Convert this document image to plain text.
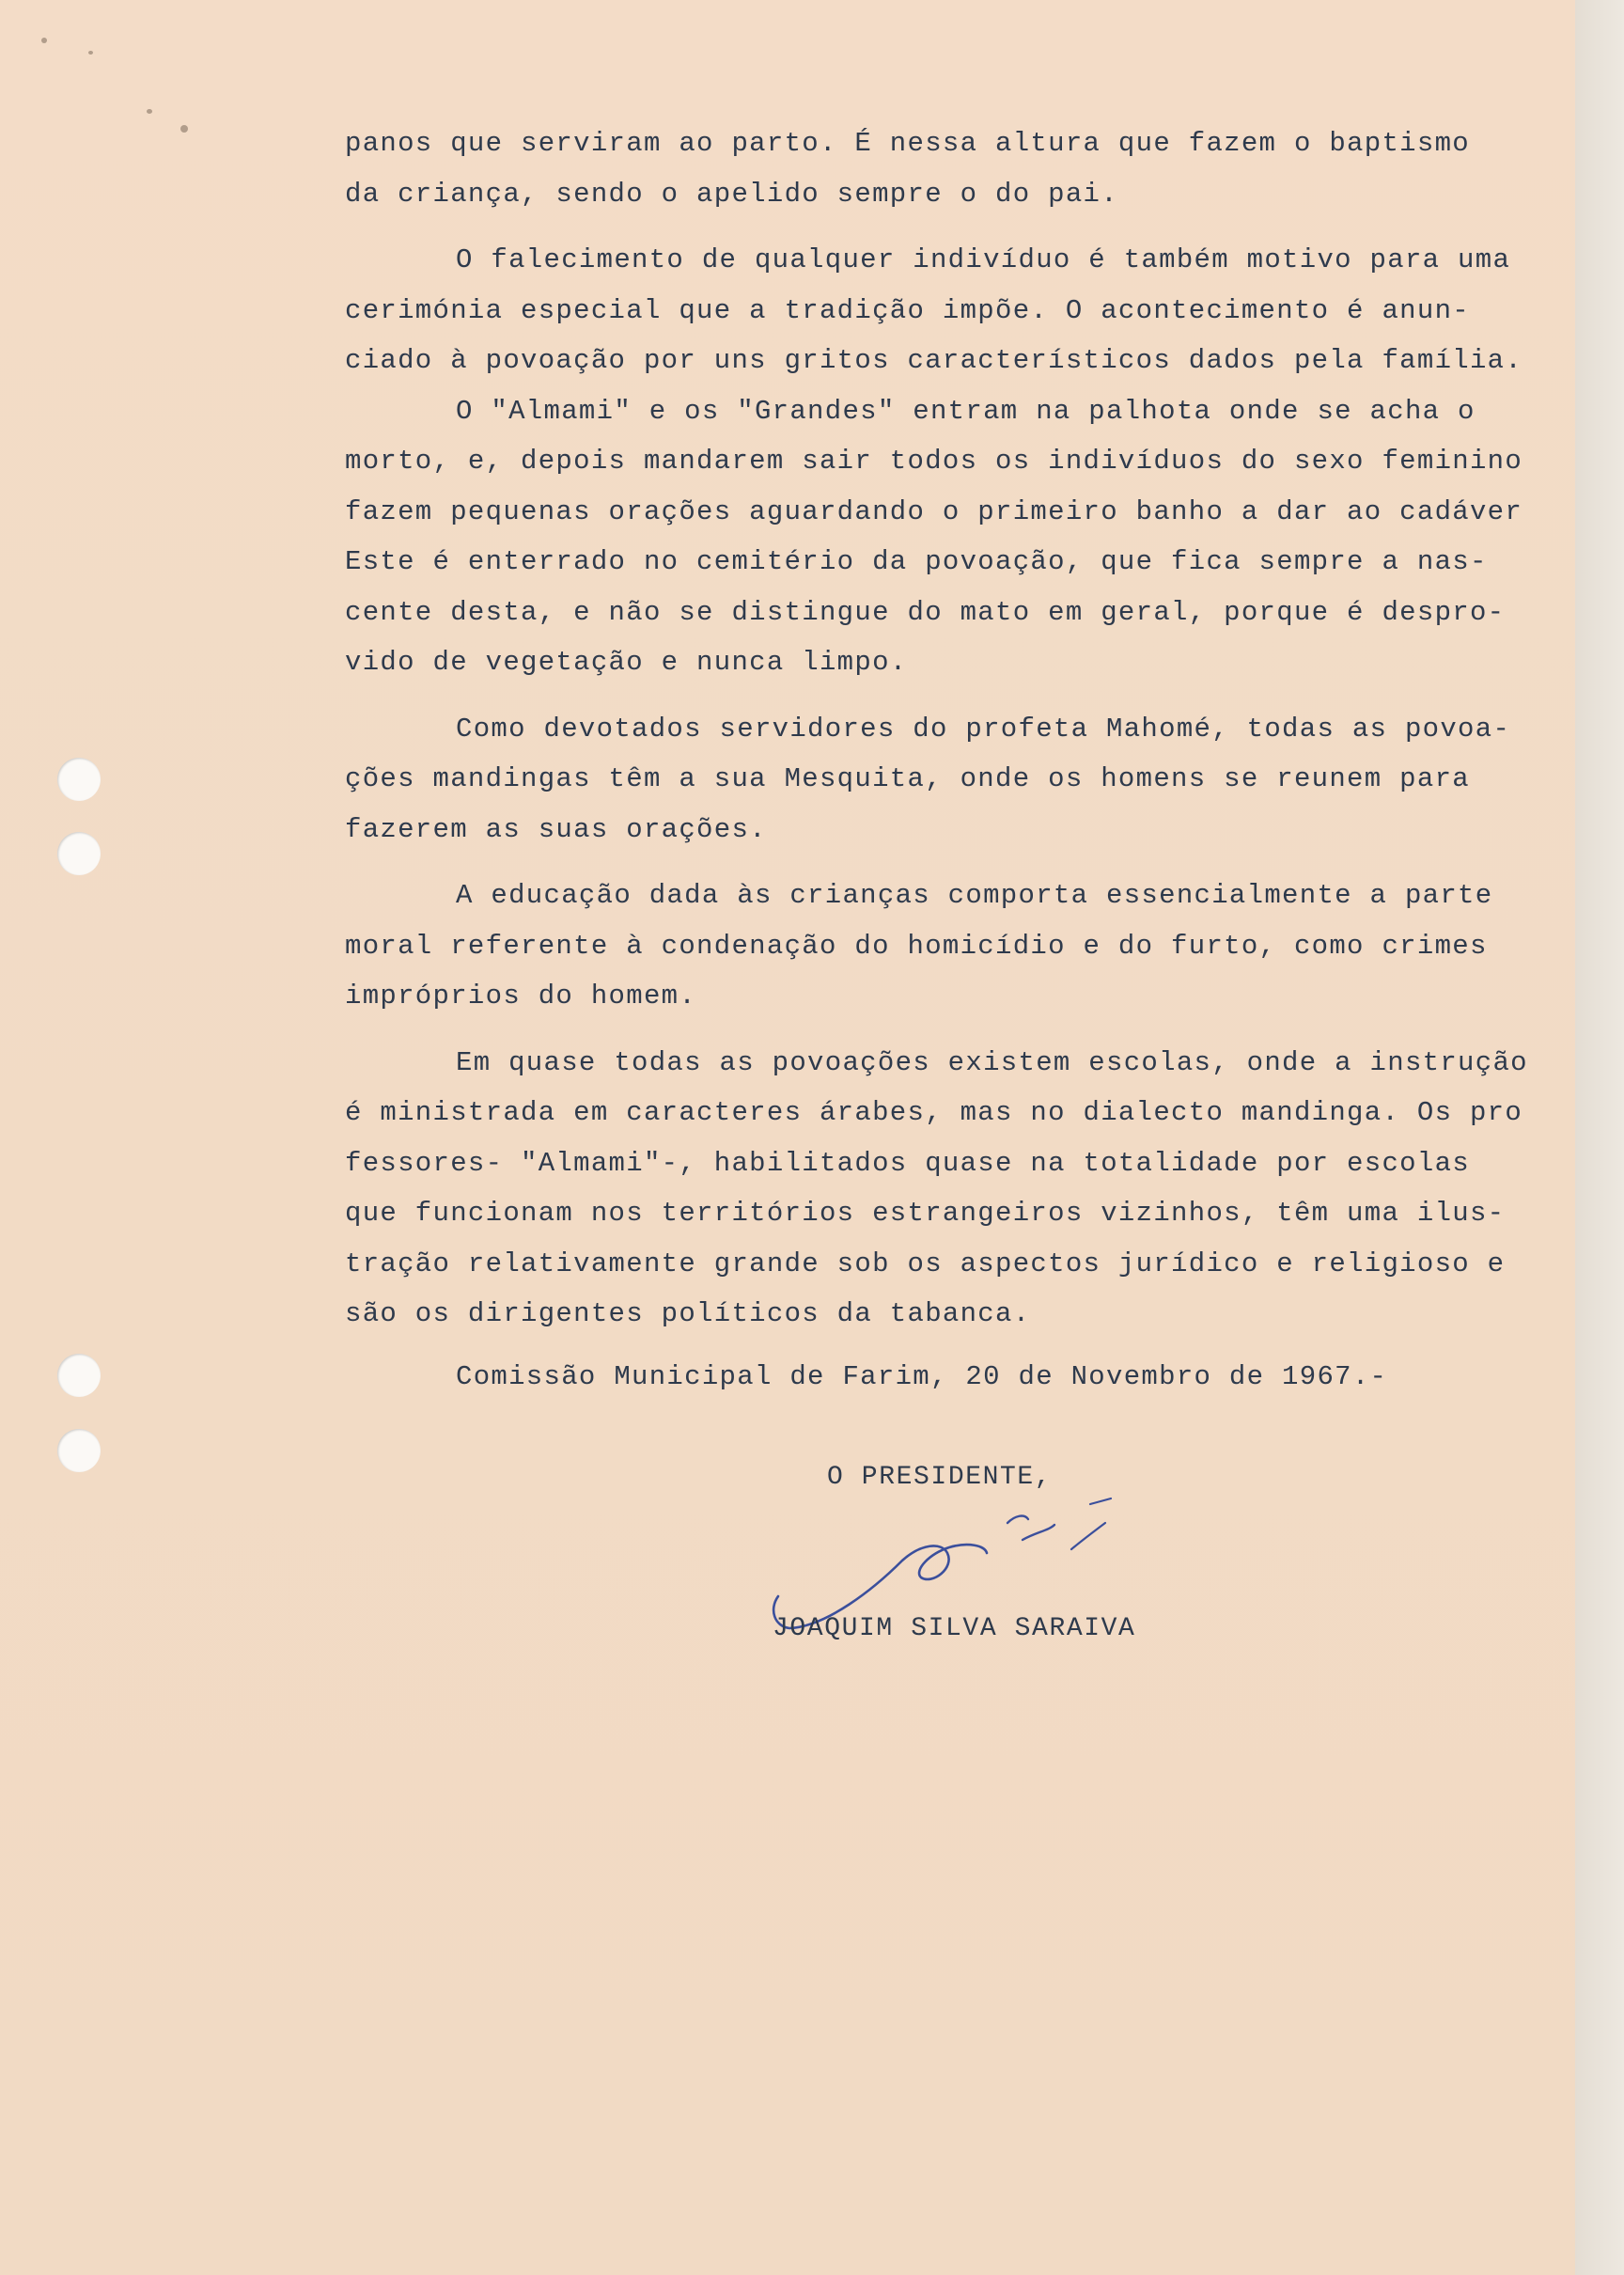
panos que serviram ao parto. É nessa altura que fazem o baptismo
da criança, sendo o apelido sempre o do pai.
O falecimento de qualquer indivíduo é também motivo para uma
cerimónia especial que a tradição impõe. O acontecimento é anun-
ciado à povoação por uns gritos característicos dados pela família.
O "Almami" e os "Grandes" entram na palhota onde se acha o
morto, e, depois mandarem sair todos os indivíduos do sexo feminino
fazem pequenas orações aguardando o primeiro banho a dar ao cadáver
Este é enterrado no cemitério da povoação, que fica sempre a nas-
cente desta, e não se distingue do mato em geral, porque é despro-
vido de vegetação e nunca limpo.
Como devotados servidores do profeta Mahomé, todas as povoa-
ções mandingas têm a sua Mesquita, onde os homens se reunem para
fazerem as suas orações.
A educação dada às crianças comporta essencialmente a parte
moral referente à condenação do homicídio e do furto, como crimes
impróprios do homem.
Em quase todas as povoações existem escolas, onde a instrução
é ministrada em caracteres árabes, mas no dialecto mandinga. Os pro
fessores- "Almami"-, habilitados quase na totalidade por escolas
que funcionam nos territórios estrangeiros vizinhos, têm uma ilus-
tração relativamente grande sob os aspectos jurídico e religioso e
são os dirigentes políticos da tabanca.
Comissão Municipal de Farim, 20 de Novembro de 1967.-
O PRESIDENTE,
JOAQUIM SILVA SARAIVA
